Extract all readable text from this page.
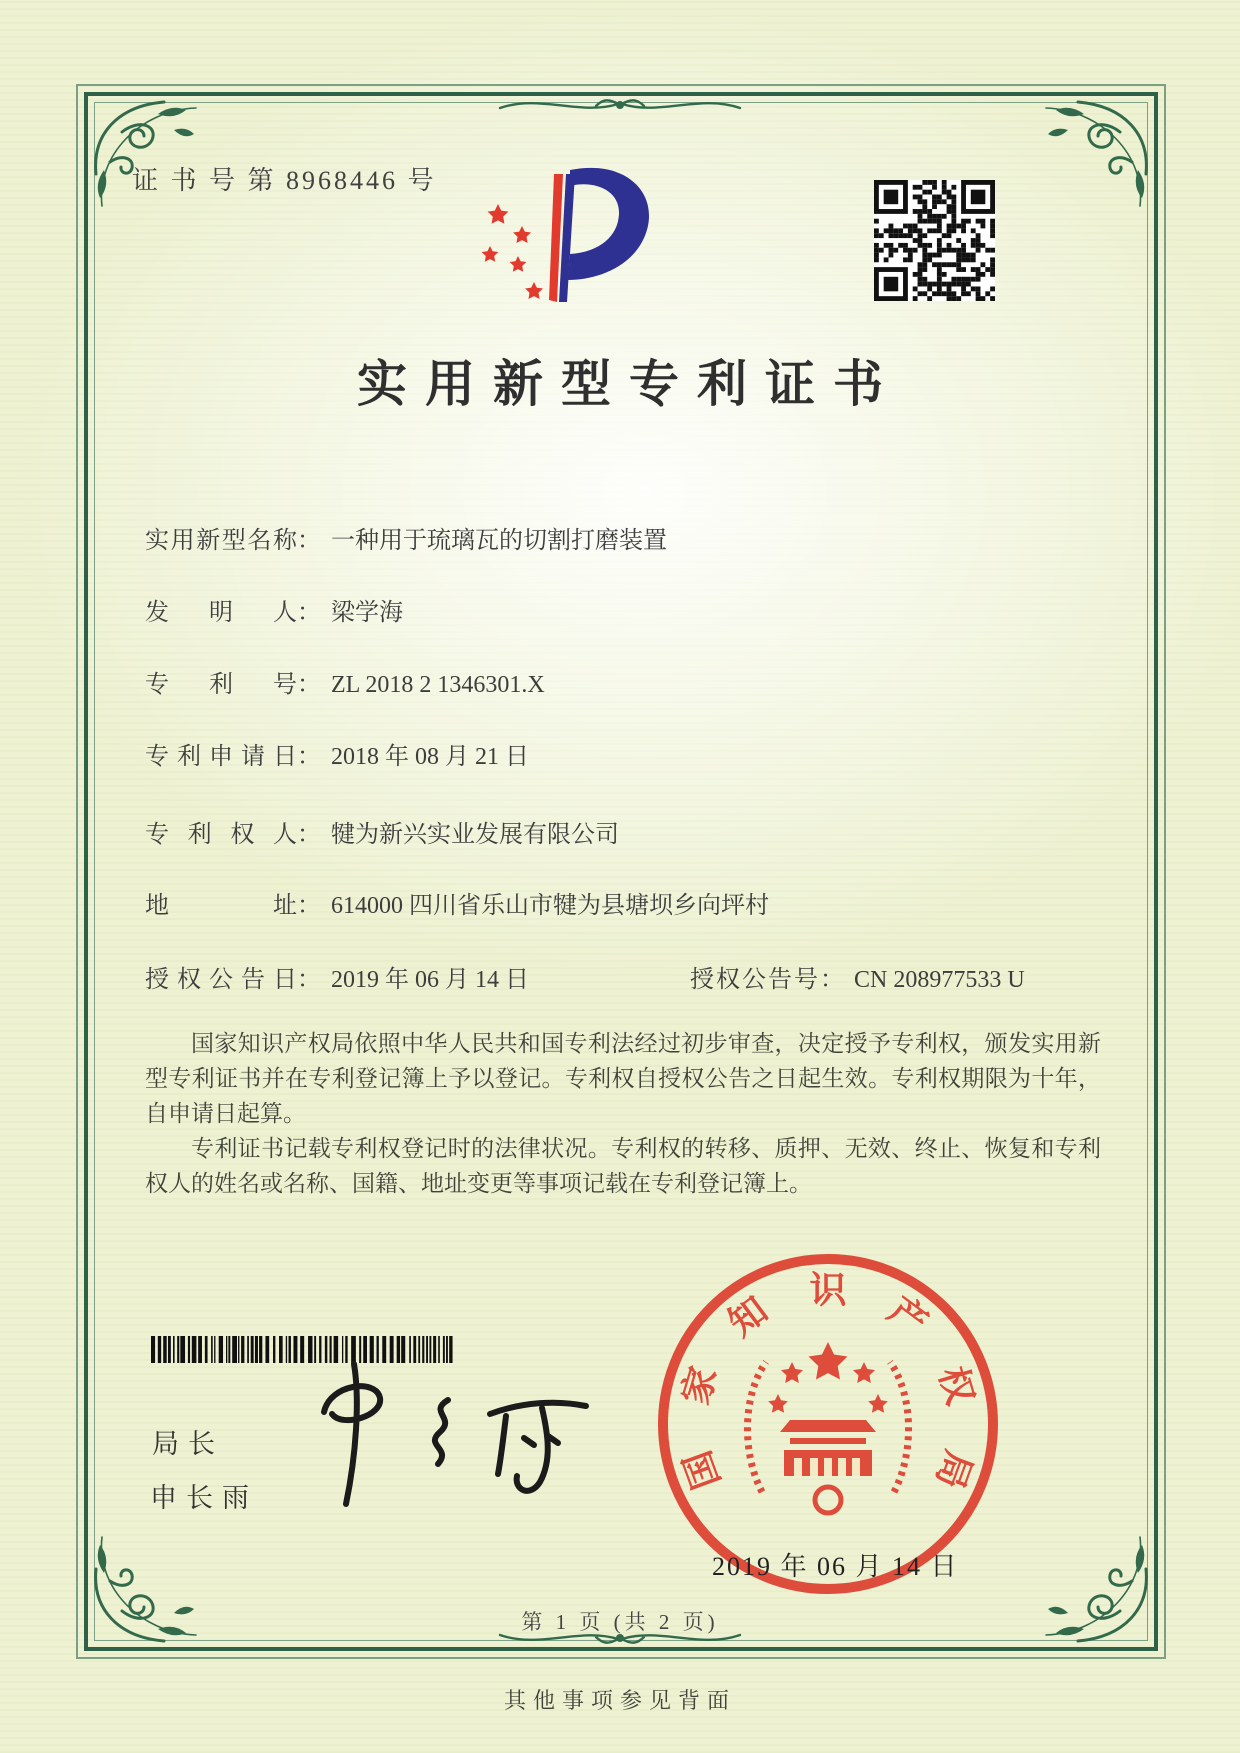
证 书 号 第 8968446 号
实用新型专利证书
实用新型名称： 一种用于琉璃瓦的切割打磨装置
发明人： 梁学海
专利号： ZL 2018 2 1346301.X
专利申请日： 2018 年 08 月 21 日
专利权人： 犍为新兴实业发展有限公司
地址： 614000 四川省乐山市犍为县塘坝乡向坪村
授权公告日： 2019 年 06 月 14 日	授权公告号： CN 208977533 U

国家知识产权局依照中华人民共和国专利法经过初步审查，决定授予专利权，颁发实用新型专利证书并在专利登记簿上予以登记。专利权自授权公告之日起生效。专利权期限为十年，自申请日起算。

专利证书记载专利权登记时的法律状况。专利权的转移、质押、无效、终止、恢复和专利权人的姓名或名称、国籍、地址变更等事项记载在专利登记簿上。

局长
申长雨
国
家
知 识 产
权
局
2019 年 06 月 14 日
第 1 页 (共 2 页)
其他事项参见背面
